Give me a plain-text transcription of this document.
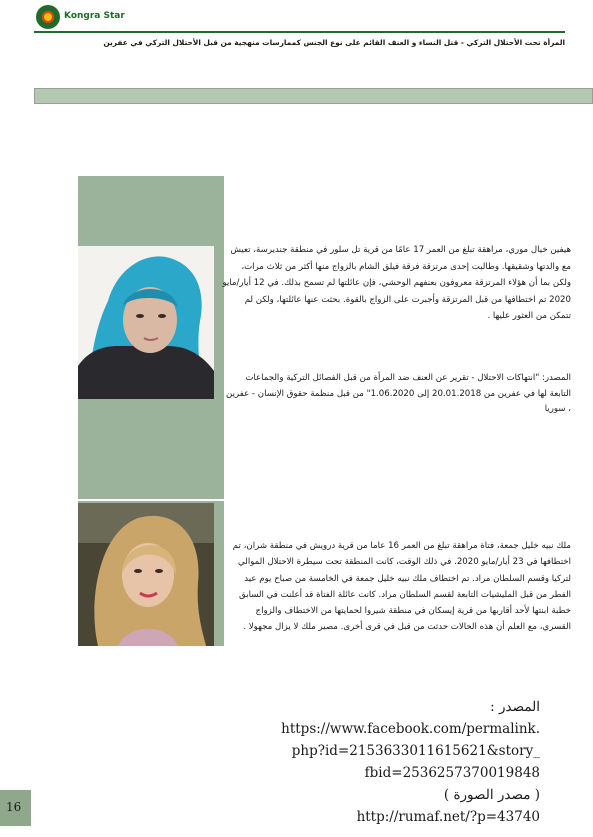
Kongra Star
المرأة تحت الأحتلال التركي - قتل النساء و العنف القائم على نوع الجنس كممارسات منهجية من قبل الأحتلال التركي في عفرين
هيفين خيال موري، مراهقة تبلغ من العمر 17 عامًا من قرية تل سلور في منطقة جنديرسة، تعيش مع والدتها وشقيقها. وطالبت إحدى مرتزقة فرقة فيلق الشام بالزواج منها أكثر من ثلاث مرات، ولكن بما أن هؤلاء المرتزقة معروفون بعنفهم الوحشي، فإن عائلتها لم تسمح بذلك. في 12 أيار/مايو 2020 تم اختطافها من قبل المرتزقة وأجبرت على الزواج بالقوة. بحثت عنها عائلتها، ولكن لم تتمكن من العثور عليها .
المصدر: "انتهاكات الاحتلال - تقرير عن العنف ضد المرأة من قبل الفصائل التركية والجماعات التابعة لها في عفرين من 20.01.2018 إلى 1.06.2020" من قبل منظمة حقوق الإنسان - عفرين ، سوريا
ملك نبيه خليل جمعة، فتاة مراهقة تبلغ من العمر 16 عاما من قرية درويش في منطقة شران، تم اختطافها في 23 أيار/مايو 2020. في ذلك الوقت، كانت المنطقة تحت سيطرة الاحتلال الموالي لتركيا وقسم السلطان مراد. تم اختطاف ملك نبيه خليل جمعة في الخامسة من صباح يوم عيد الفطر من قبل المليشيات التابعة لقسم السلطان مراد. كانت عائلة الفتاة قد أعلنت في السابق خطبة ابنتها لأحد أقاربها من قرية إيسكان في منطقة شيروا لحمايتها من الاختطاف والزواج القسري، مع العلم أن هذه الحالات حدثت من قبل في قرى أخرى. مصير ملك لا يزال مجهولا .
: المصدر https://www.facebook.com/permalink.
php?id=2153633011615621&story_
fbid=2536257370019848
( مصدر الصورة )
http://rumaf.net/?p=43740
16
